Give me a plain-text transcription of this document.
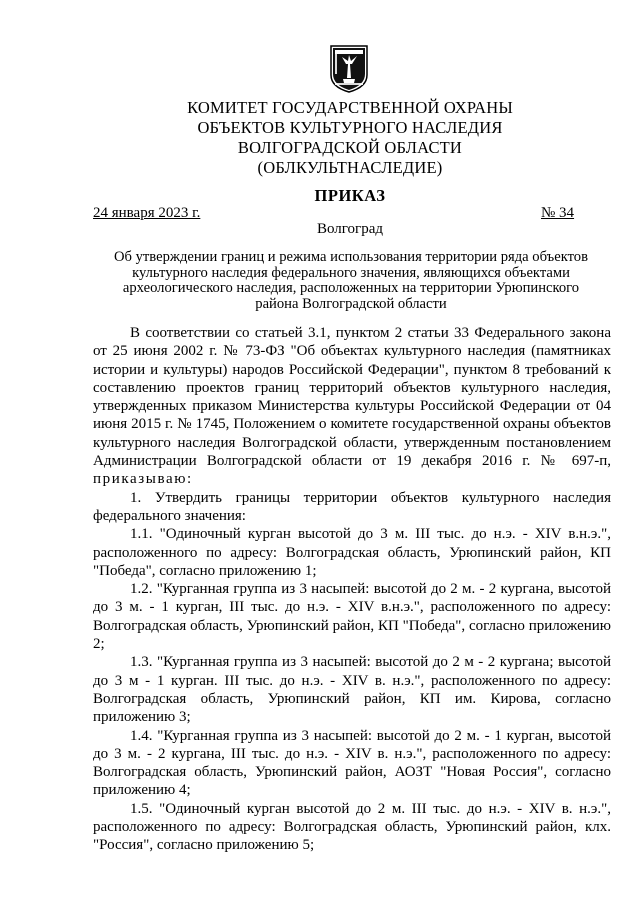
КОМИТЕТ ГОСУДАРСТВЕННОЙ ОХРАНЫ
ОБЪЕКТОВ КУЛЬТУРНОГО НАСЛЕДИЯ
ВОЛГОГРАДСКОЙ ОБЛАСТИ
(ОБЛКУЛЬТНАСЛЕДИЕ)
ПРИКАЗ
24 января 2023 г.	№ 34
Волгоград
Об утверждении границ и режима использования территории ряда объектов культурного наследия федерального значения, являющихся объектами археологического наследия, расположенных на территории Урюпинского района Волгоградской области

В соответствии со статьей 3.1, пунктом 2 статьи 33 Федерального закона от 25 июня 2002 г. № 73-ФЗ "Об объектах культурного наследия (памятниках истории и культуры) народов Российской Федерации", пунктом 8 требований к составлению проектов границ территорий объектов культурного наследия, утвержденных приказом Министерства культуры Российской Федерации от 04 июня 2015 г. № 1745, Положением о комитете государственной охраны объектов культурного наследия Волгоградской области, утвержденным постановлением Администрации Волгоградской области от 19 декабря 2016 г. № 697-п, приказываю:

1. Утвердить границы территории объектов культурного наследия федерального значения:

1.1. "Одиночный курган высотой до 3 м. III тыс. до н.э. - XIV в.н.э.", расположенного по адресу: Волгоградская область, Урюпинский район, КП "Победа", согласно приложению 1;

1.2. "Курганная группа из 3 насыпей: высотой до 2 м. - 2 кургана, высотой до 3 м. - 1 курган, III тыс. до н.э. - XIV в.н.э.", расположенного по адресу: Волгоградская область, Урюпинский район, КП "Победа", согласно приложению 2;

1.3. "Курганная группа из 3 насыпей: высотой до 2 м - 2 кургана; высотой до 3 м - 1 курган. III тыс. до н.э. - XIV в. н.э.", расположенного по адресу: Волгоградская область, Урюпинский район, КП им. Кирова, согласно приложению 3;

1.4. "Курганная группа из 3 насыпей: высотой до 2 м. - 1 курган, высотой до 3 м. - 2 кургана, III тыс. до н.э. - XIV в. н.э.", расположенного по адресу: Волгоградская область, Урюпинский район, АОЗТ "Новая Россия", согласно приложению 4;

1.5. "Одиночный курган высотой до 2 м. III тыс. до н.э. - XIV в. н.э.", расположенного по адресу: Волгоградская область, Урюпинский район, клх. "Россия", согласно приложению 5;
